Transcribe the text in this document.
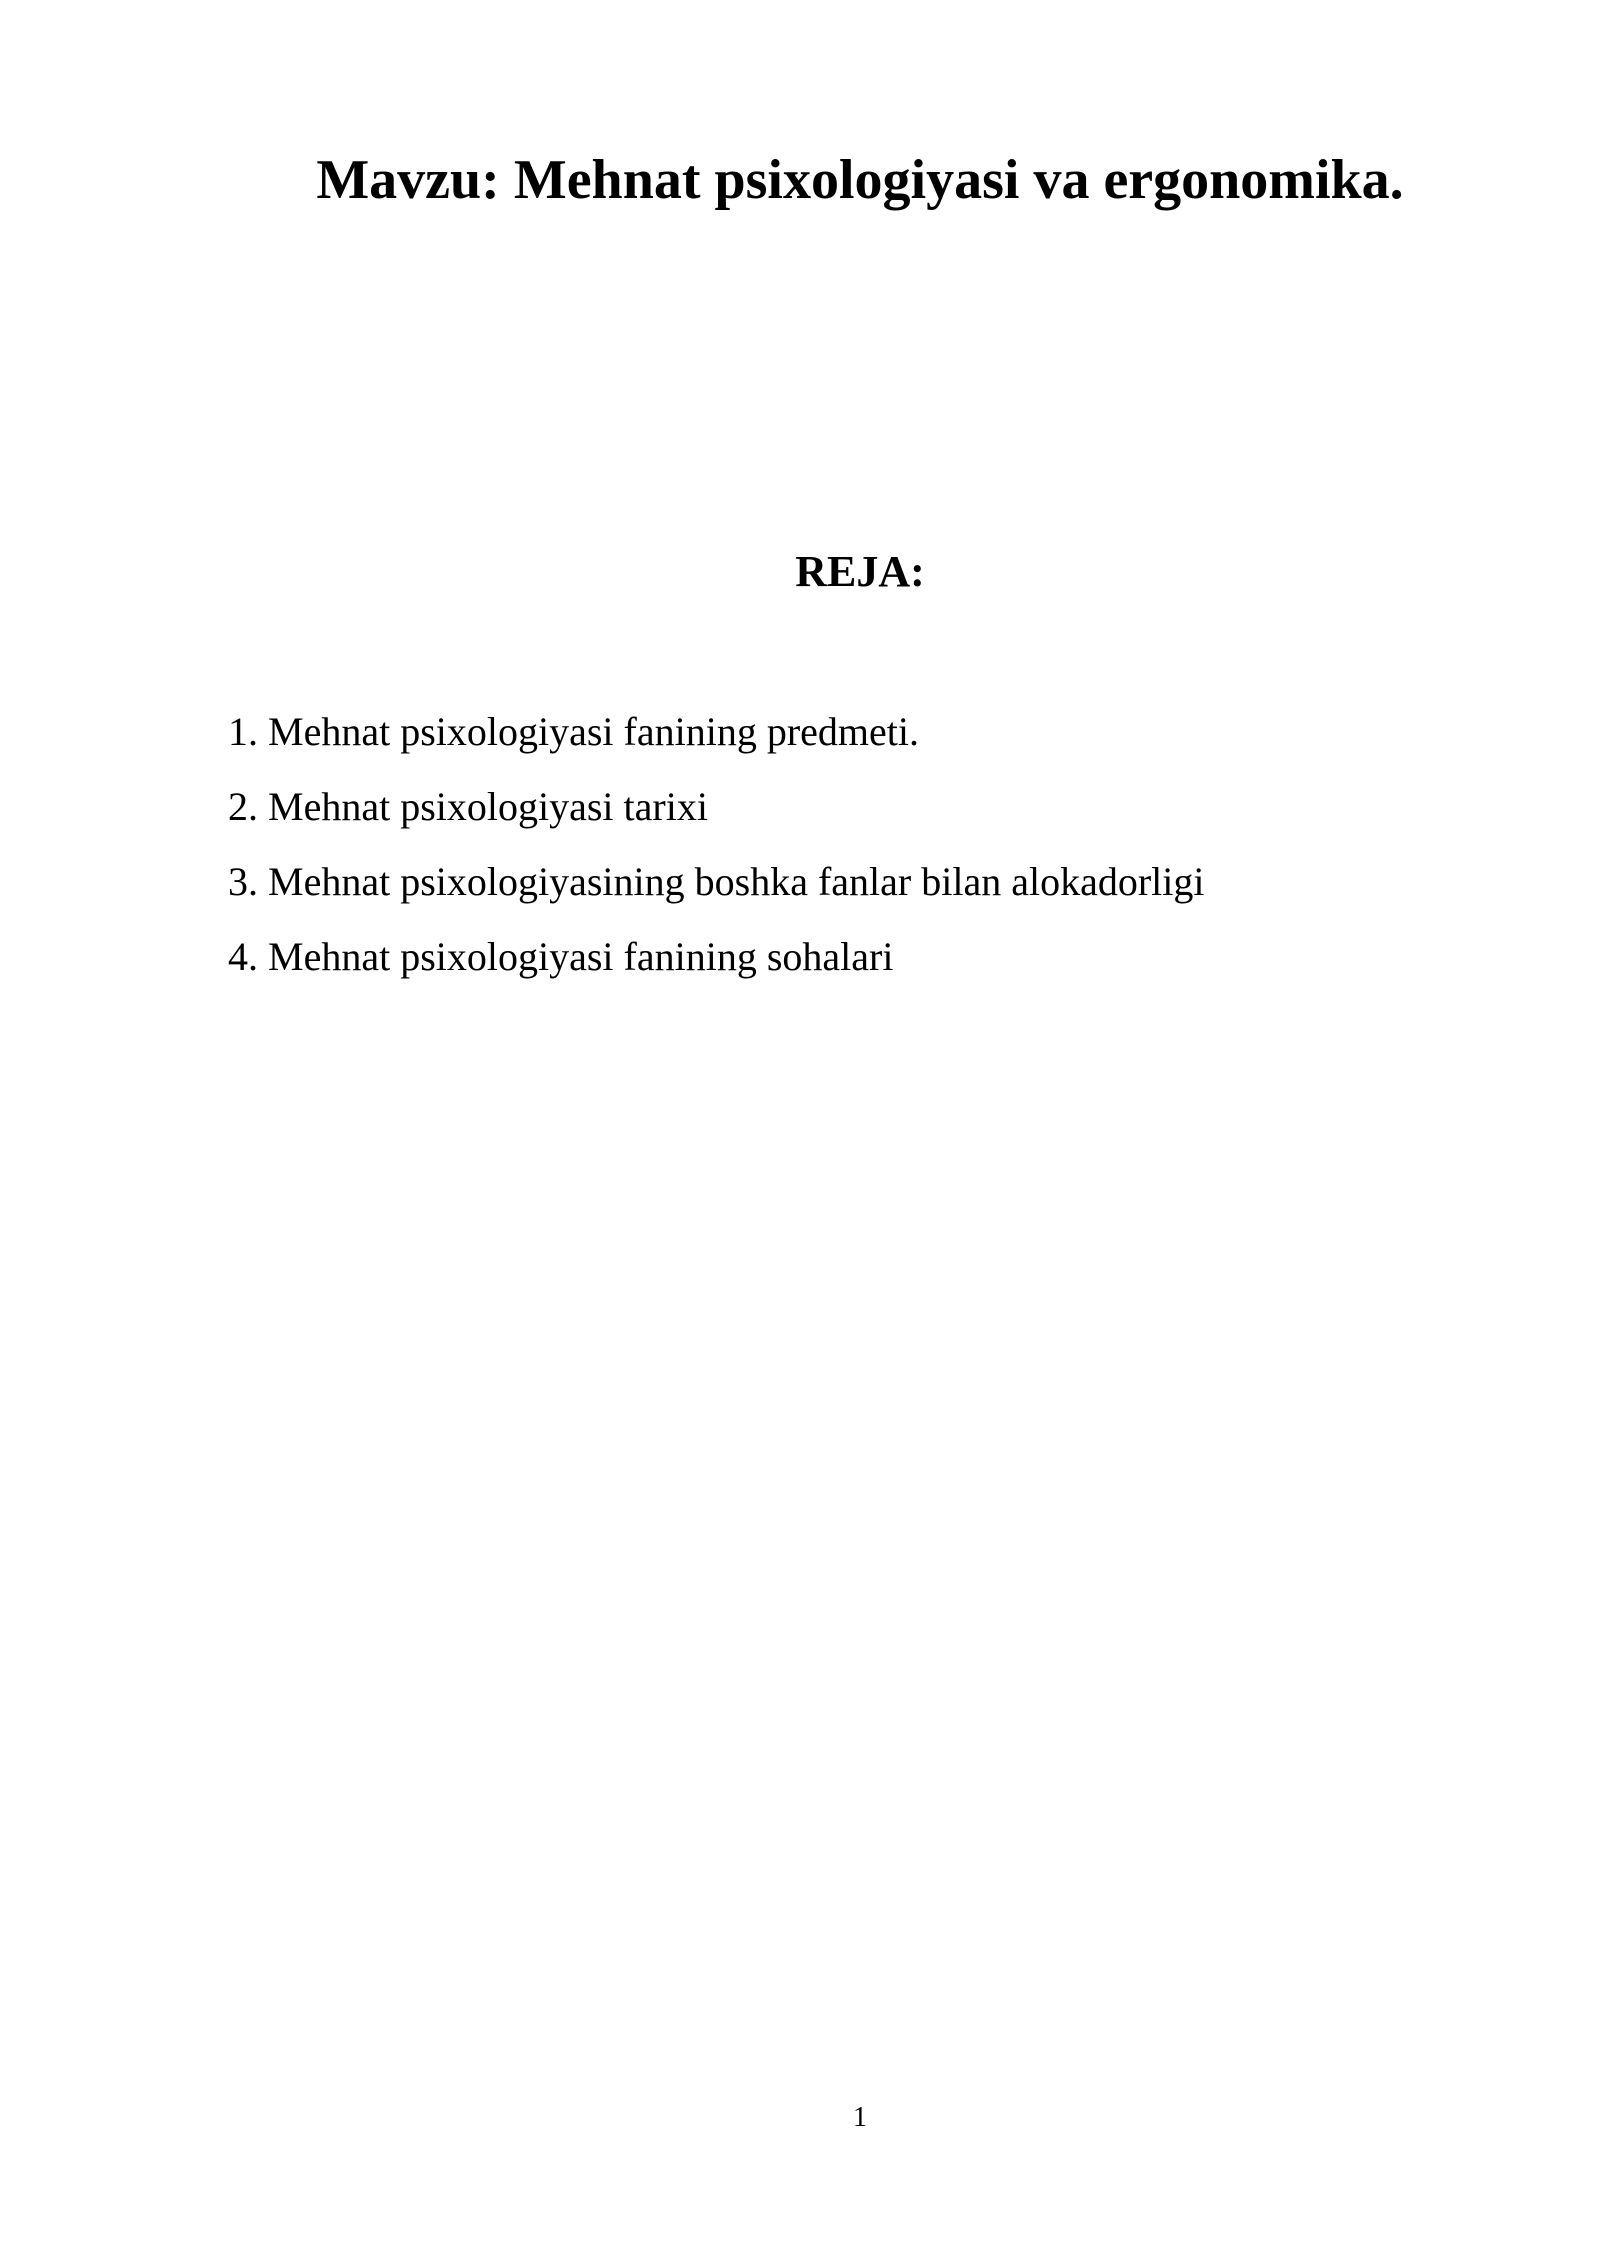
Mavzu: Mehnat psixologiyasi va ergonomika.
REJA:
1. Mehnat psixologiyasi fanining predmeti.
2. Mehnat psixologiyasi tarixi
3. Mehnat psixologiyasining boshka fanlar bilan alokadorligi
4. Mehnat psixologiyasi fanining sohalari
1
